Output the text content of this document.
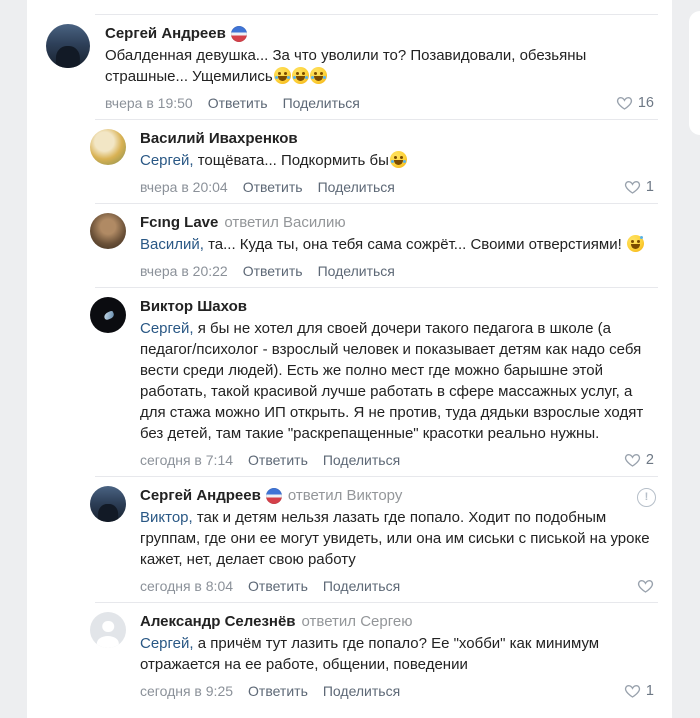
Сергей Андреев
Обалденная девушка... За что уволили то? Позавидовали, обезьяны страшные... Ущемились
вчера в 19:50 Ответить Поделиться	16
Василий Ивахренков
Сергей, тощёвата... Подкормить бы
вчера в 20:04 Ответить Поделиться	1
Fcıng Lave ответил Василию
Василий, та... Куда ты, она тебя сама сожрёт... Своими отверстиями!
вчера в 20:22 Ответить Поделиться
Виктор Шахов
Сергей, я бы не хотел для своей дочери такого педагога в школе (а педагог/психолог - взрослый человек и показывает детям как надо себя вести среди людей). Есть же полно мест где можно барышне этой работать, такой красивой лучше работать в сфере массажных услуг, а для стажа можно ИП открыть. Я не против, туда дядьки взрослые ходят без детей, там такие "раскрепащенные" красотки реально нужны.
сегодня в 7:14 Ответить Поделиться	2
Сергей Андреев ответил Виктору
Виктор, так и детям нельзя лазать где попало. Ходит по подобным группам, где они ее могут увидеть, или она им сиськи с писькой на уроке кажет, нет, делает свою работу
сегодня в 8:04 Ответить Поделиться
!
Александр Селезнёв ответил Сергею
Сергей, а причём тут лазить где попало? Ее "хобби" как минимум отражается на ее работе, общении, поведении
сегодня в 9:25 Ответить Поделиться	1
